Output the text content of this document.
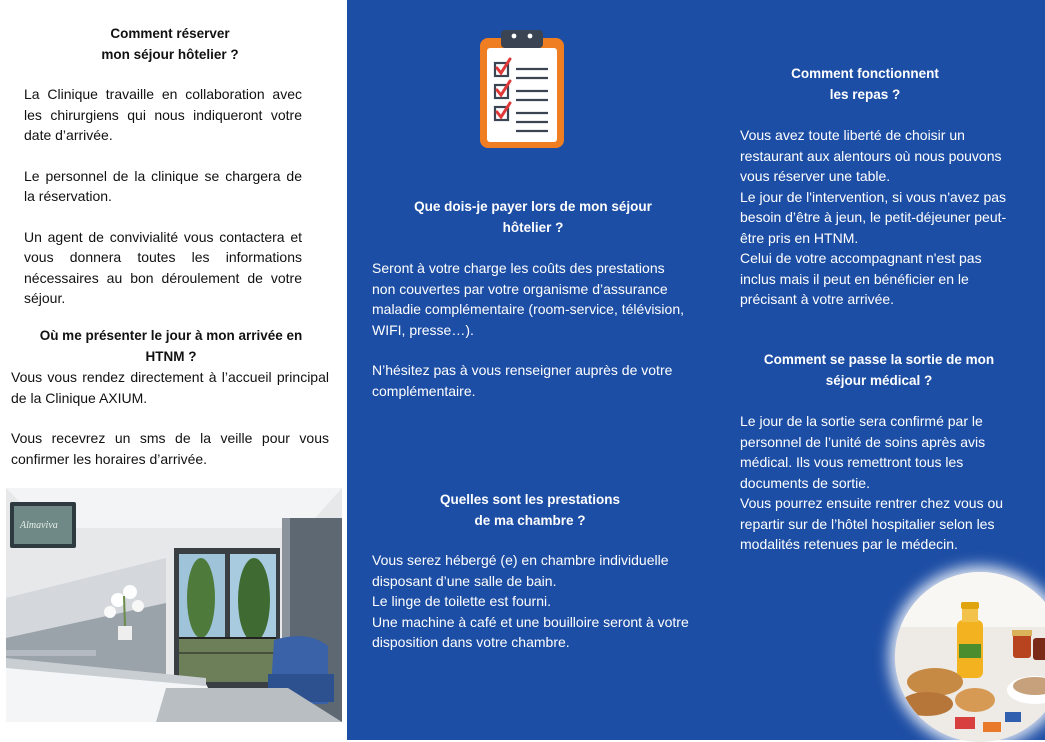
Comment réserver
mon séjour hôtelier ?

La Clinique travaille en collaboration avec les chirurgiens qui nous indiqueront votre date d’arrivée.

Le personnel de la clinique se chargera de la réservation.

Un agent de convivialité vous contactera et vous donnera toutes les informations nécessaires au bon déroulement de votre séjour.

Où me présenter le jour à mon arrivée en
HTNM ?

Vous vous rendez directement à l’accueil principal de la Clinique AXIUM.

Vous recevrez un sms de la veille pour vous confirmer les horaires d’arrivée.

Almaviva
Que dois-je payer lors de mon séjour
hôtelier ?

Seront à votre charge les coûts des prestations non couvertes par votre organisme d’assurance maladie complémentaire (room-service, télévision, WIFI, presse…).

N’hésitez pas à vous renseigner auprès de votre complémentaire.

Quelles sont les prestations
de ma chambre ?
Vous serez hébergé (e) en chambre individuelle disposant d’une salle de bain.
Le linge de toilette est fourni.
Une machine à café et une bouilloire seront à votre disposition dans votre chambre.
Comment fonctionnent
les repas ?
Vous avez toute liberté de choisir un restaurant aux alentours où nous pouvons vous réserver une table.
Le jour de l'intervention, si vous n'avez pas besoin d’être à jeun, le petit-déjeuner peut-être pris en HTNM.
Celui de votre accompagnant n'est pas inclus mais il peut en bénéficier en le précisant à votre arrivée.
Comment se passe la sortie de mon
séjour médical ?
Le jour de la sortie sera confirmé par le personnel de l’unité de soins après avis médical. Ils vous remettront tous les documents de sortie.
Vous pourrez ensuite rentrer chez vous ou repartir sur de l’hôtel hospitalier selon les modalités retenues par le médecin.
